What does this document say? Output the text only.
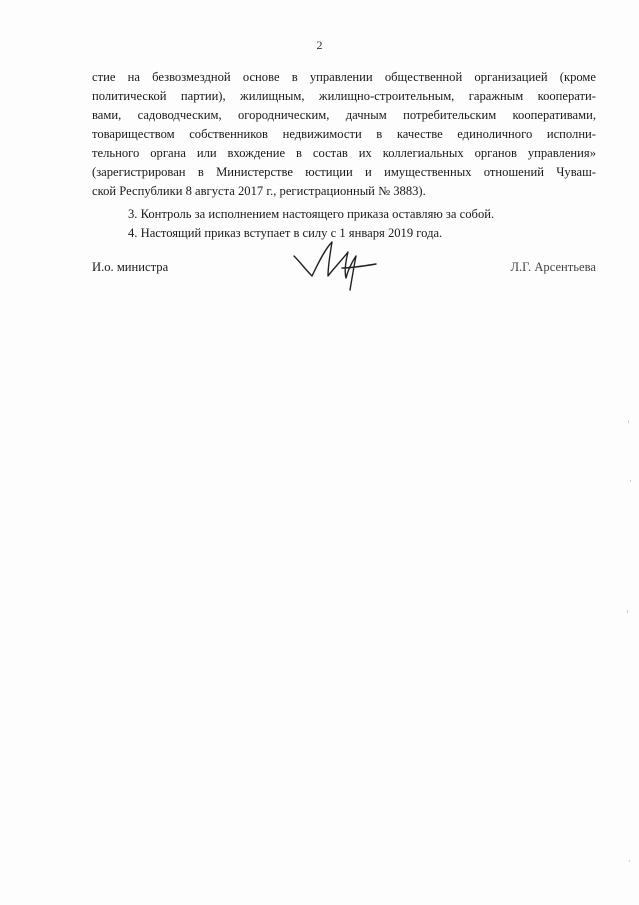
2
стие на безвозмездной основе в управлении общественной организацией (кроме
политической партии), жилищным, жилищно-строительным, гаражным кооперати-
вами, садоводческим, огородническим, дачным потребительским кооперативами,
товариществом собственников недвижимости в качестве единоличного исполни-
тельного органа или вхождение в состав их коллегиальных органов управления»
(зарегистрирован в Министерстве юстиции и имущественных отношений Чуваш-
ской Республики 8 августа 2017 г., регистрационный № 3883).
3. Контроль за исполнением настоящего приказа оставляю за собой.
4. Настоящий приказ вступает в силу с 1 января 2019 года.
И.о. министра	Л.Г. Арсентьева
